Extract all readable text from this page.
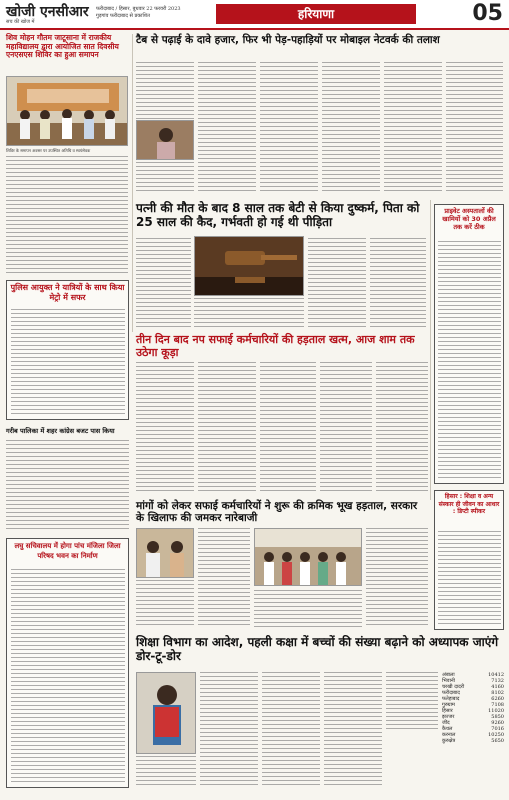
खोजी एनसीआर
सच की खोज में
फरीदाबाद / हिसार, बुधवार 22 फरवरी 2023
गुड़गांव फरीदाबाद से प्रकाशित	हरियाणा	05
शिव मोहन गौतम जाटूसाना में राजकीय महाविद्यालय द्वारा आयोजित सात दिवसीय एनएसएस शिविर का हुआ समापन
शिविर के समापन अवसर पर उपस्थित अतिथि व स्वयंसेवक
पुलिस आयुक्त ने यात्रियों के साथ किया मेट्रो में सफर
गरीब पालिका में शहर कांग्रेस बजट पास किया
लघु सचिवालय में होगा पांच मंजिला जिला परिषद भवन का निर्माण
टैब से पढ़ाई के दावे हजार, फिर भी पेड़-पहाड़ियों पर मोबाइल नेटवर्क की तलाश
पत्नी की मौत के बाद 8 साल तक बेटी से किया दुष्कर्म, पिता को 25 साल की कैद, गर्भवती हो गई थी पीड़िता
प्राइवेट अस्पतालों की खामियों को 30 अप्रैल तक करें ठीक
तीन दिन बाद नप सफाई कर्मचारियों की हड़ताल खत्म, आज शाम तक उठेगा कूड़ा
मांगों को लेकर सफाई कर्मचारियों ने शुरू की क्रमिक भूख हड़ताल, सरकार के खिलाफ की जमकर नारेबाजी
हिसार : शिक्षा व अन्य संस्कार ही जीवन का आधार : डिप्टी स्पीकर
शिक्षा विभाग का आदेश, पहली कक्षा में बच्चों की संख्या बढ़ाने को अध्यापक जाएंगे डोर-टू-डोर
अंबाला	10412
भिवानी	7132
चरखी दादरी	4160
फरीदाबाद	8102
फतेहाबाद	6260
गुरुग्राम	7108
हिसार	11020
झज्जर	5850
जींद	9260
कैथल	7016
करनाल	10250
कुरुक्षेत्र	5650
